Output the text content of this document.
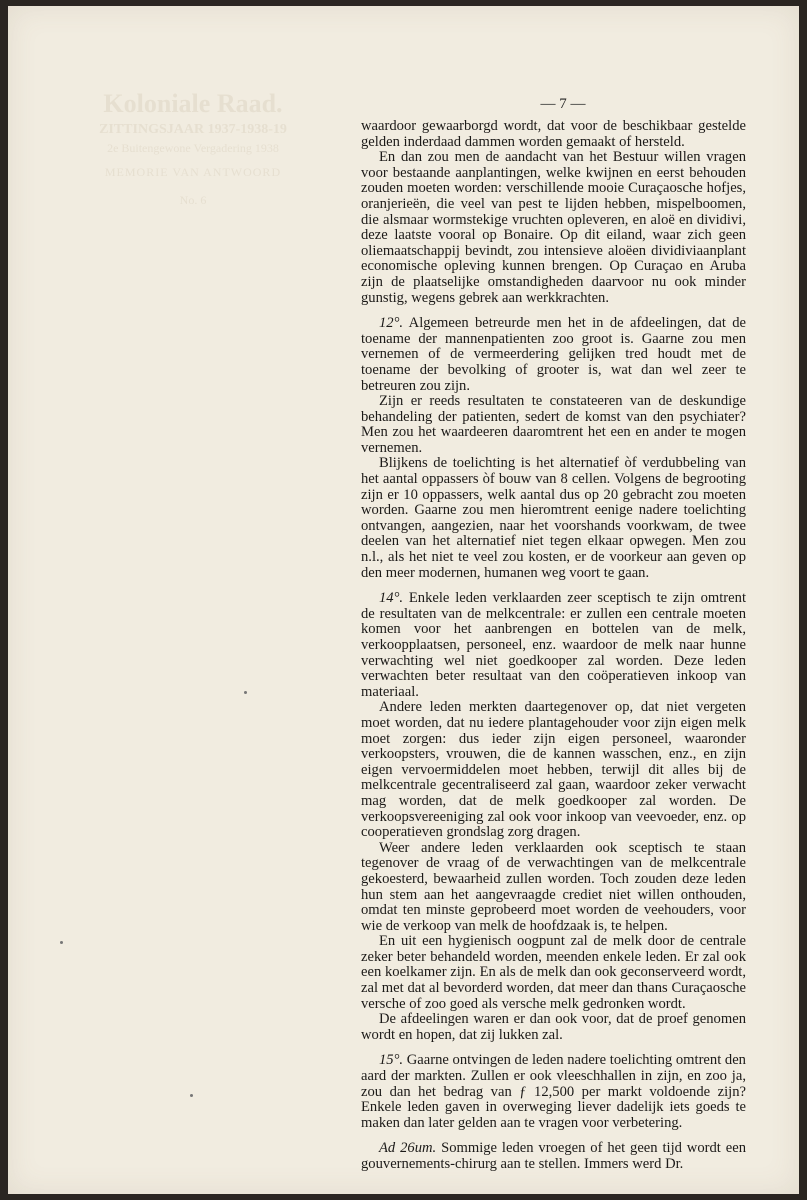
Koloniale Raad.
ZITTINGSJAAR 1937-1938-19
2e Buitengewone Vergadering 1938
MEMORIE VAN ANTWOORD
No. 6
— 7 —

waardoor gewaarborgd wordt, dat voor de beschikbaar gestelde gelden inderdaad dammen worden gemaakt of hersteld.

En dan zou men de aandacht van het Bestuur willen vragen voor bestaande aanplantingen, welke kwijnen en eerst behouden zouden moeten worden: verschillende mooie Curaçaosche hofjes, oranjerieën, die veel van pest te lijden hebben, mispelboomen, die alsmaar wormstekige vruchten opleveren, en aloë en dividivi, deze laatste vooral op Bonaire. Op dit eiland, waar zich geen oliemaatschappij bevindt, zou intensieve aloëen dividiviaanplant economische opleving kunnen brengen. Op Curaçao en Aruba zijn de plaatselijke omstandigheden daarvoor nu ook minder gunstig, wegens gebrek aan werkkrachten.

12°. Algemeen betreurde men het in de afdeelingen, dat de toename der mannenpatienten zoo groot is. Gaarne zou men vernemen of de vermeerdering gelijken tred houdt met de toename der bevolking of grooter is, wat dan wel zeer te betreuren zou zijn.

Zijn er reeds resultaten te constateeren van de deskundige behandeling der patienten, sedert de komst van den psychiater? Men zou het waardeeren daaromtrent het een en ander te mogen vernemen.

Blijkens de toelichting is het alternatief òf verdubbeling van het aantal oppassers òf bouw van 8 cellen. Volgens de begrooting zijn er 10 oppassers, welk aantal dus op 20 gebracht zou moeten worden. Gaarne zou men hieromtrent eenige nadere toelichting ontvangen, aangezien, naar het voorshands voorkwam, de twee deelen van het alternatief niet tegen elkaar opwegen. Men zou n.l., als het niet te veel zou kosten, er de voorkeur aan geven op den meer modernen, humanen weg voort te gaan.

14°. Enkele leden verklaarden zeer sceptisch te zijn omtrent de resultaten van de melkcentrale: er zullen een centrale moeten komen voor het aanbrengen en bottelen van de melk, verkoopplaatsen, personeel, enz. waardoor de melk naar hunne verwachting wel niet goedkooper zal worden. Deze leden verwachten beter resultaat van den coöperatieven inkoop van materiaal.

Andere leden merkten daartegenover op, dat niet vergeten moet worden, dat nu iedere plantagehouder voor zijn eigen melk moet zorgen: dus ieder zijn eigen personeel, waaronder verkoopsters, vrouwen, die de kannen wasschen, enz., en zijn eigen vervoermiddelen moet hebben, terwijl dit alles bij de melkcentrale gecentraliseerd zal gaan, waardoor zeker verwacht mag worden, dat de melk goedkooper zal worden. De verkoopsvereeniging zal ook voor inkoop van veevoeder, enz. op cooperatieven grondslag zorg dragen.

Weer andere leden verklaarden ook sceptisch te staan tegenover de vraag of de verwachtingen van de melkcentrale gekoesterd, bewaarheid zullen worden. Toch zouden deze leden hun stem aan het aangevraagde crediet niet willen onthouden, omdat ten minste geprobeerd moet worden de veehouders, voor wie de verkoop van melk de hoofdzaak is, te helpen.

En uit een hygienisch oogpunt zal de melk door de centrale zeker beter behandeld worden, meenden enkele leden. Er zal ook een koelkamer zijn. En als de melk dan ook geconserveerd wordt, zal met dat al bevorderd worden, dat meer dan thans Curaçaosche versche of zoo goed als versche melk gedronken wordt.

De afdeelingen waren er dan ook voor, dat de proef genomen wordt en hopen, dat zij lukken zal.

15°. Gaarne ontvingen de leden nadere toelichting omtrent den aard der markten. Zullen er ook vleeschhallen in zijn, en zoo ja, zou dan het bedrag van ƒ 12,500 per markt voldoende zijn? Enkele leden gaven in overweging liever dadelijk iets goeds te maken dan later gelden aan te vragen voor verbetering.

Ad 26um. Sommige leden vroegen of het geen tijd wordt een gouvernements-chirurg aan te stellen. Immers werd Dr.
